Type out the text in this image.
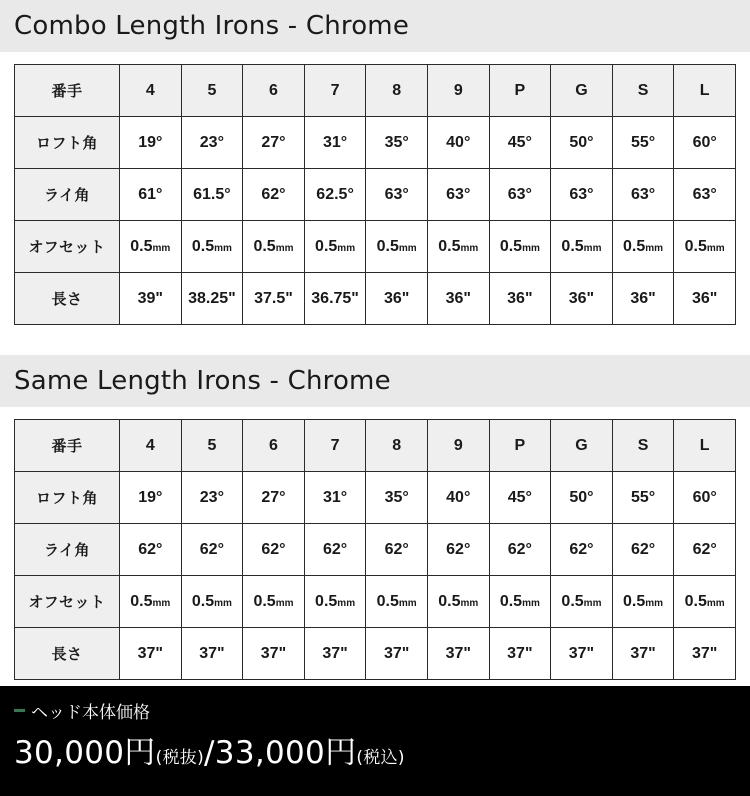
Combo Length Irons - Chrome
番手	4	5	6	7	8	9	P	G	S	L
ロフト角	19°	23°	27°	31°	35°	40°	45°	50°	55°	60°
ライ角	61°	61.5°	62°	62.5°	63°	63°	63°	63°	63°	63°
オフセット	0.5mm	0.5mm	0.5mm	0.5mm	0.5mm	0.5mm	0.5mm	0.5mm	0.5mm	0.5mm
長さ	39"	38.25"	37.5"	36.75"	36"	36"	36"	36"	36"	36"
Same Length Irons - Chrome
番手	4	5	6	7	8	9	P	G	S	L
ロフト角	19°	23°	27°	31°	35°	40°	45°	50°	55°	60°
ライ角	62°	62°	62°	62°	62°	62°	62°	62°	62°	62°
オフセット	0.5mm	0.5mm	0.5mm	0.5mm	0.5mm	0.5mm	0.5mm	0.5mm	0.5mm	0.5mm
長さ	37"	37"	37"	37"	37"	37"	37"	37"	37"	37"
ヘッド本体価格
30,000円(税抜)/33,000円(税込)
